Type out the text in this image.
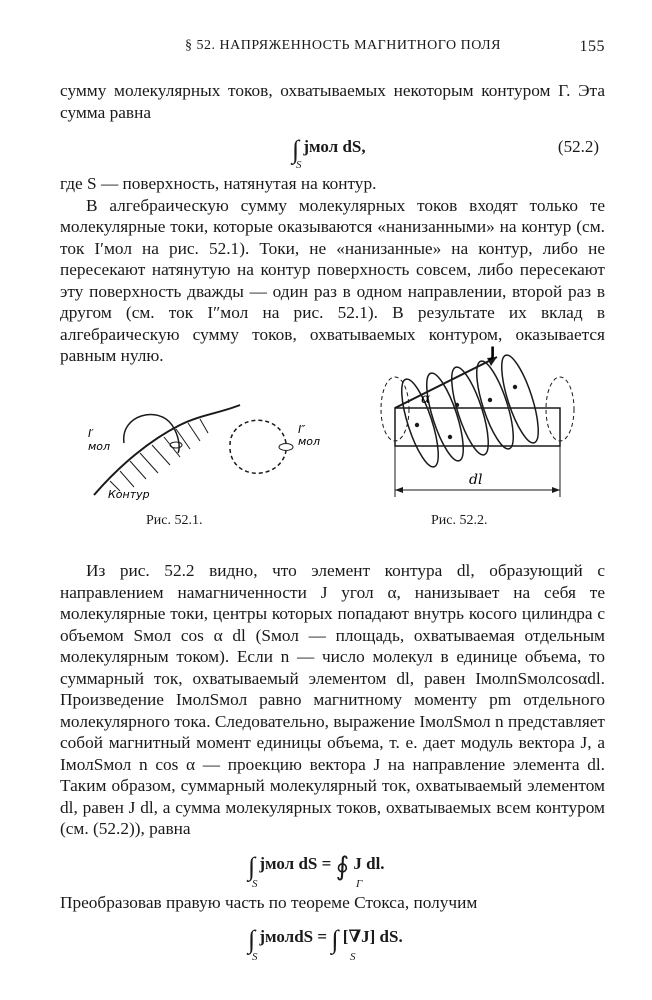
§ 52. НАПРЯЖЕННОСТЬ МАГНИТНОГО ПОЛЯ	155

сумму молекулярных токов, охватываемых некоторым контуром Г. Эта сумма равна

∫ jмол dS,
S
(52.2)

где S — поверхность, натянутая на контур.

В алгебраическую сумму молекулярных токов входят только те молекулярные токи, которые оказываются «нанизанными» на контур (см. ток I′мол на рис. 52.1). Токи, не «нанизанные» на контур, либо не пересекают натянутую на контур поверхность совсем, либо пересекают эту поверхность дважды — один раз в одном направлении, второй раз в другом (см. ток I″мол на рис. 52.1). В результате их вклад в алгебраическую сумму токов, охватываемых контуром, оказывается равным нулю.

I′
мол
I″
мол
Контур
Рис. 52.1.
J
α
dl
Рис. 52.2.

Из рис. 52.2 видно, что элемент контура dl, образующий с направлением намагниченности J угол α, нанизывает на себя те молекулярные токи, центры которых попадают внутрь косого цилиндра с объемом Sмол cos α dl (Sмол — площадь, охватываемая отдельным молекулярным током). Если n — число молекул в единице объема, то суммарный ток, охватываемый элементом dl, равен IмолnSмолcosαdl. Произведение IмолSмол равно магнитному моменту pm отдельного молекулярного тока. Следовательно, выражение IмолSмол n представляет собой магнитный момент единицы объема, т. е. дает модуль вектора J, а IмолSмол n cos α — проекцию вектора J на направление элемента dl. Таким образом, суммарный молекулярный ток, охватываемый элементом dl, равен J dl, а сумма молекулярных токов, охватываемых всем контуром (см. (52.2)), равна

∫ jмол dS = ∮ J dl.
S	Г

Преобразовав правую часть по теореме Стокса, получим

∫ jмолdS = ∫ [∇J] dS.
S	S
